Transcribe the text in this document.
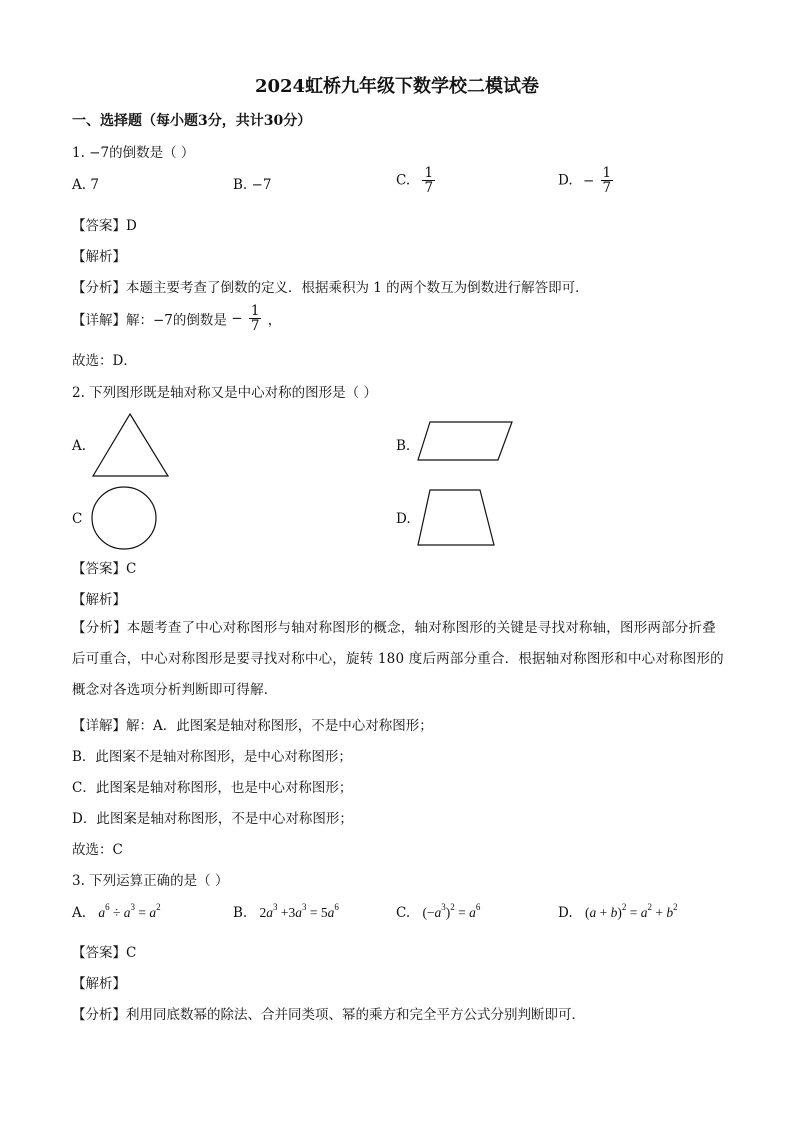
2024虹桥九年级下数学校二模试卷
一、选择题（每小题3分，共计30分）
1. −7的倒数是（ ）
A. 7	B. −7	C. $\frac{1}{7}$	D. − $\frac{1}{7}$
【答案】D
【解析】
【分析】本题主要考查了倒数的定义．根据乘积为 1 的两个数互为倒数进行解答即可．
【详解】解：−7的倒数是 − $\frac{1}{7}$ ，
故选：D．
2. 下列图形既是轴对称又是中心对称的图形是（ ）
A.	B.
C	D.
【答案】C
【解析】
【分析】本题考查了中心对称图形与轴对称图形的概念，轴对称图形的关键是寻找对称轴，图形两部分折叠后可重合，中心对称图形是要寻找对称中心，旋转 180 度后两部分重合．根据轴对称图形和中心对称图形的概念对各选项分析判断即可得解．
【详解】解：A．此图案是轴对称图形，不是中心对称图形；
B．此图案不是轴对称图形，是中心对称图形；
C．此图案是轴对称图形，也是中心对称图形；
D．此图案是轴对称图形，不是中心对称图形；
故选：C
3. 下列运算正确的是（ ）
A. $a^6 \div a^3 = a^2$	B. $2a^3 +3a^3 = 5a^6$	C. $(-a^3)^2 = a^6$	D. $(a + b)^2 = a^2 + b^2$
【答案】C
【解析】
【分析】利用同底数幂的除法、合并同类项、幂的乘方和完全平方公式分别判断即可．
